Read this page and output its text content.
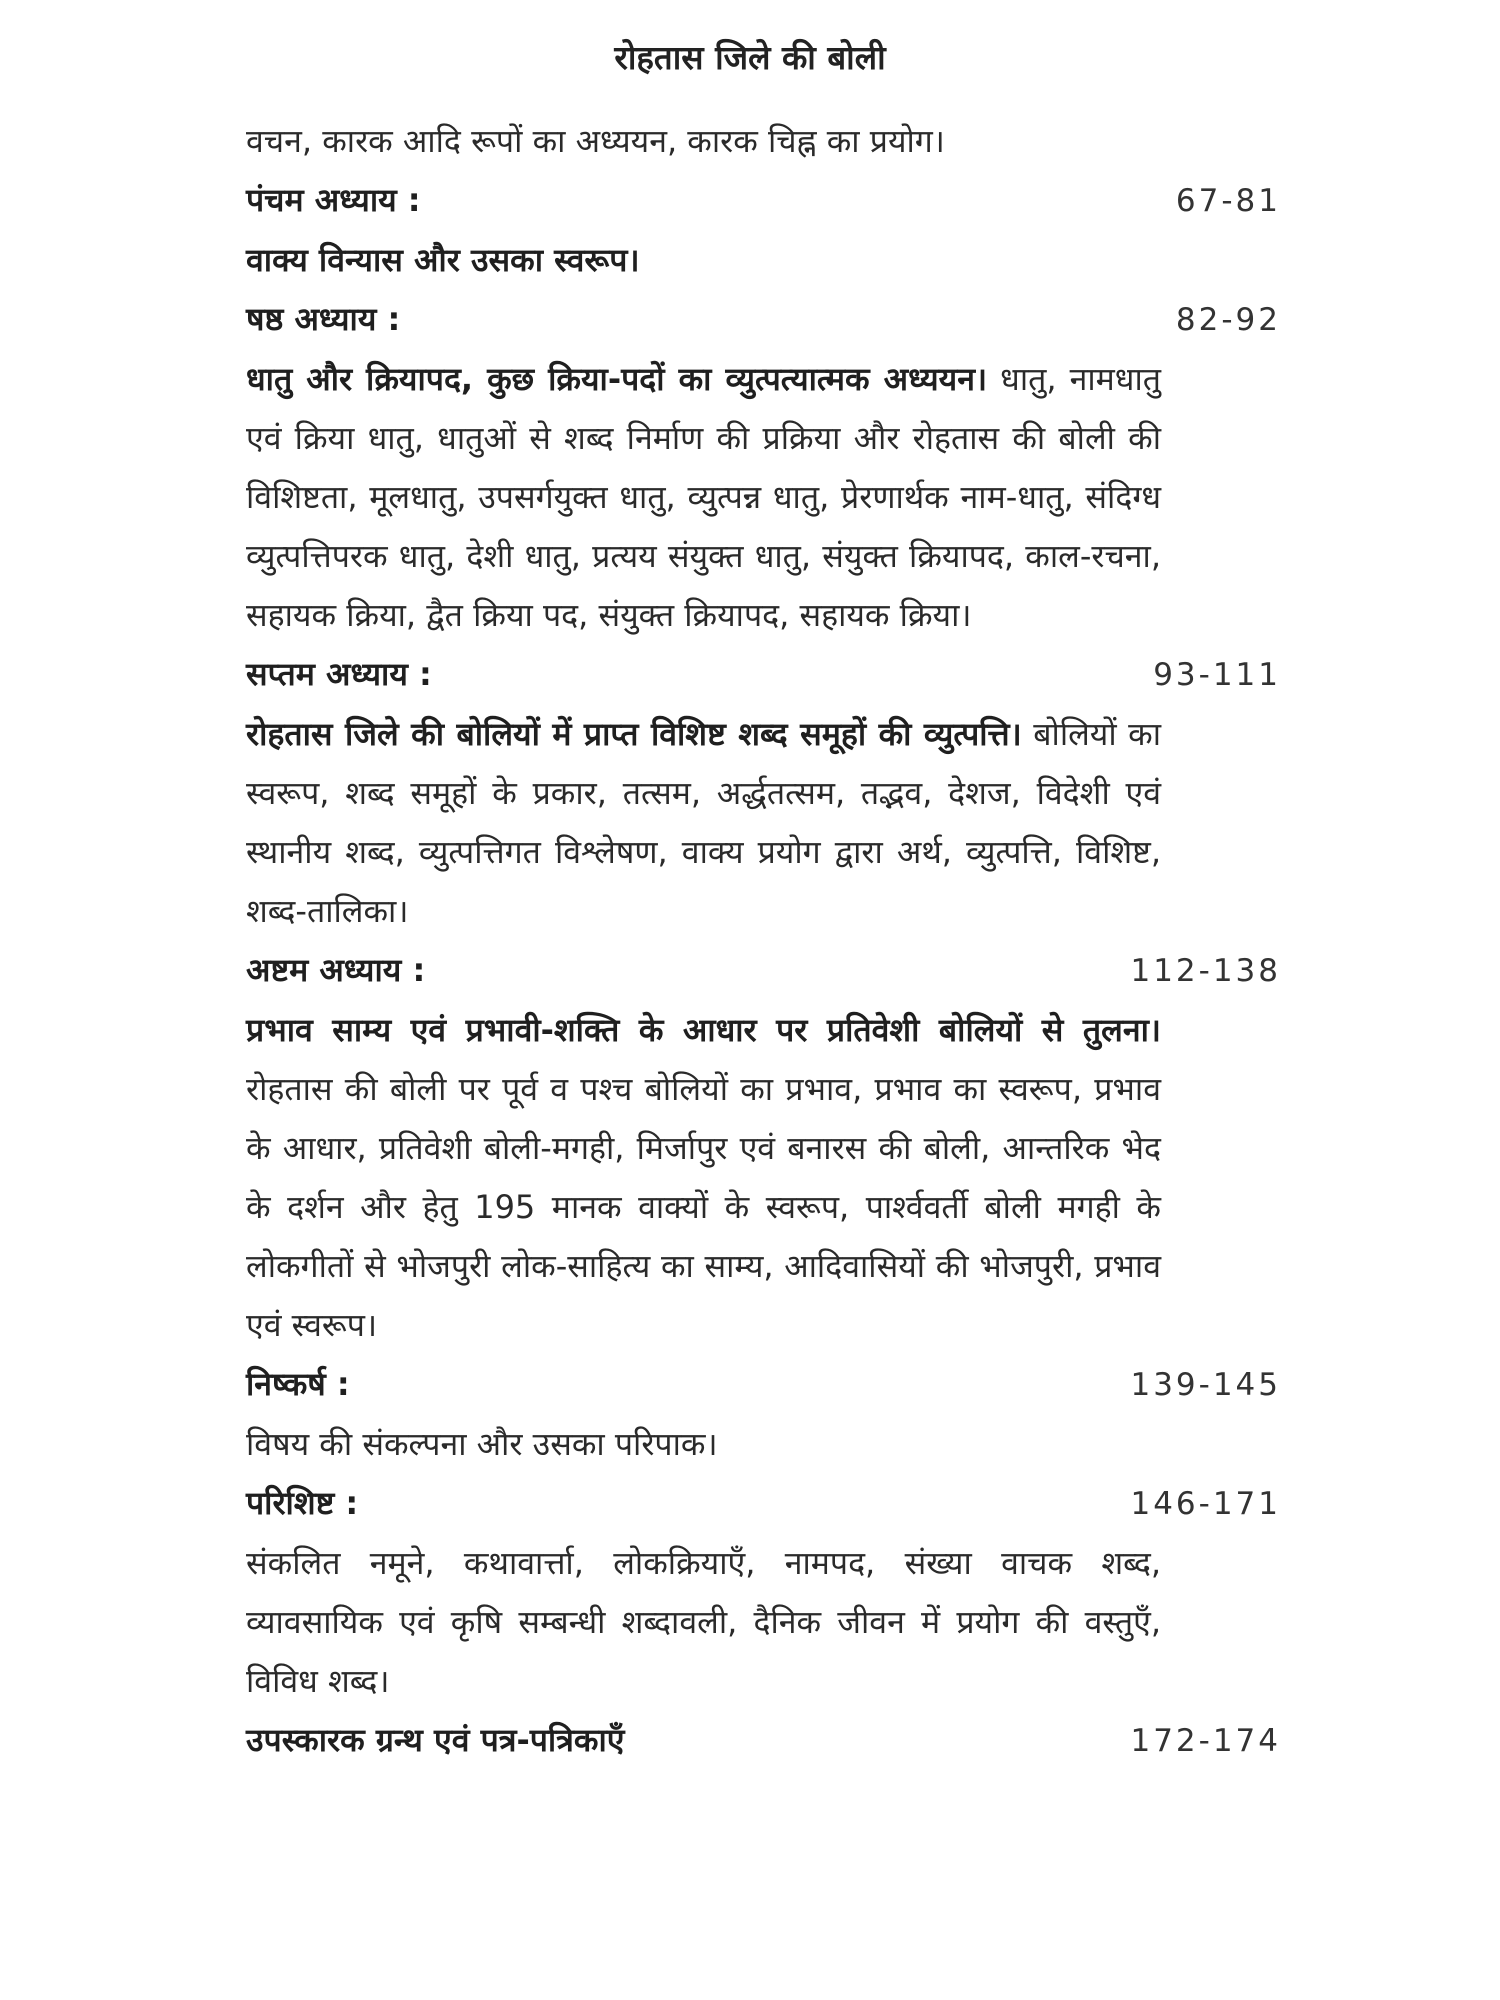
रोहतास जिले की बोली

वचन, कारक आदि रूपों का अध्ययन, कारक चिह्न का प्रयोग।

पंचम अध्याय :	67-81

वाक्य विन्यास और उसका स्वरूप।

षष्ठ अध्याय :	82-92

धातु और क्रियापद, कुछ क्रिया-पदों का व्युत्पत्यात्मक अध्ययन। धातु, नामधातु एवं क्रिया धातु, धातुओं से शब्द निर्माण की प्रक्रिया और रोहतास की बोली की विशिष्टता, मूलधातु, उपसर्गयुक्त धातु, व्युत्पन्न धातु, प्रेरणार्थक नाम-धातु, संदिग्ध व्युत्पत्तिपरक धातु, देशी धातु, प्रत्यय संयुक्त धातु, संयुक्त क्रियापद, काल-रचना, सहायक क्रिया, द्वैत क्रिया पद, संयुक्त क्रियापद, सहायक क्रिया।

सप्तम अध्याय :	93-111

रोहतास जिले की बोलियों में प्राप्त विशिष्ट शब्द समूहों की व्युत्पत्ति। बोलियों का स्वरूप, शब्द समूहों के प्रकार, तत्सम, अर्द्धतत्सम, तद्भव, देशज, विदेशी एवं स्थानीय शब्द, व्युत्पत्तिगत विश्लेषण, वाक्य प्रयोग द्वारा अर्थ, व्युत्पत्ति, विशिष्ट, शब्द-तालिका।

अष्टम अध्याय :	112-138

प्रभाव साम्य एवं प्रभावी-शक्ति के आधार पर प्रतिवेशी बोलियों से तुलना। रोहतास की बोली पर पूर्व व पश्च बोलियों का प्रभाव, प्रभाव का स्वरूप, प्रभाव के आधार, प्रतिवेशी बोली-मगही, मिर्जापुर एवं बनारस की बोली, आन्तरिक भेद के दर्शन और हेतु 195 मानक वाक्यों के स्वरूप, पार्श्ववर्ती बोली मगही के लोकगीतों से भोजपुरी लोक-साहित्य का साम्य, आदिवासियों की भोजपुरी, प्रभाव एवं स्वरूप।

निष्कर्ष :	139-145

विषय की संकल्पना और उसका परिपाक।

परिशिष्ट :	146-171

संकलित नमूने, कथावार्त्ता, लोकक्रियाएँ, नामपद, संख्या वाचक शब्द, व्यावसायिक एवं कृषि सम्बन्धी शब्दावली, दैनिक जीवन में प्रयोग की वस्तुएँ, विविध शब्द।

उपस्कारक ग्रन्थ एवं पत्र-पत्रिकाएँ	172-174
